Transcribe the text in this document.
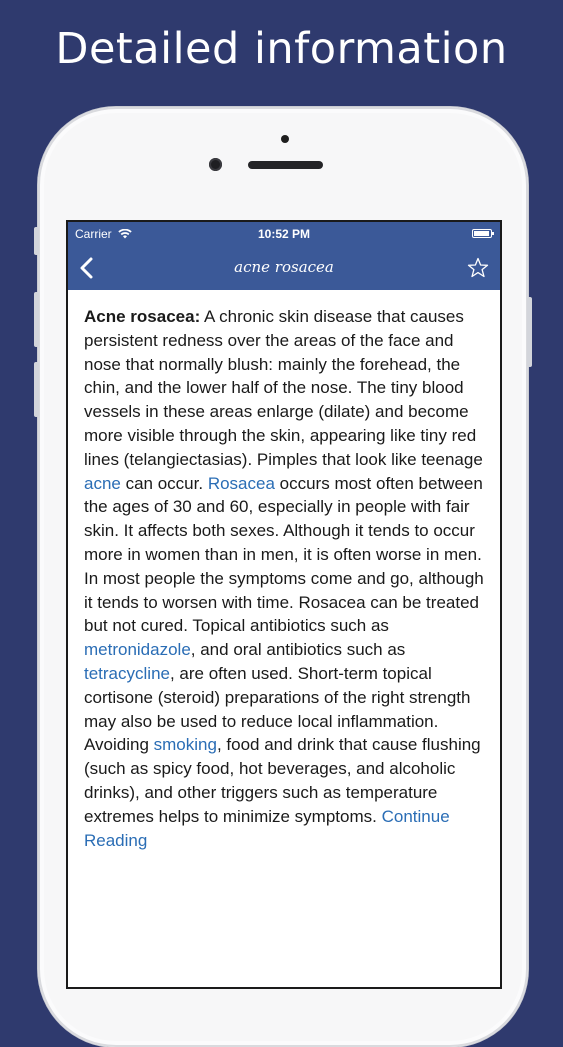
Detailed information
Carrier	10:52 PM
acne rosacea
Acne rosacea: A chronic skin disease that causes persistent redness over the areas of the face and nose that normally blush: mainly the forehead, the chin, and the lower half of the nose. The tiny blood vessels in these areas enlarge (dilate) and become more visible through the skin, appearing like tiny red lines (telangiectasias). Pimples that look like teenage acne can occur. Rosacea occurs most often between the ages of 30 and 60, especially in people with fair skin. It affects both sexes. Although it tends to occur more in women than in men, it is often worse in men. In most people the symptoms come and go, although it tends to worsen with time. Rosacea can be treated but not cured. Topical antibiotics such as metronidazole, and oral antibiotics such as tetracycline, are often used. Short-term topical cortisone (steroid) preparations of the right strength may also be used to reduce local inflammation. Avoiding smoking, food and drink that cause flushing (such as spicy food, hot beverages, and alcoholic drinks), and other triggers such as temperature extremes helps to minimize symptoms. Continue Reading
